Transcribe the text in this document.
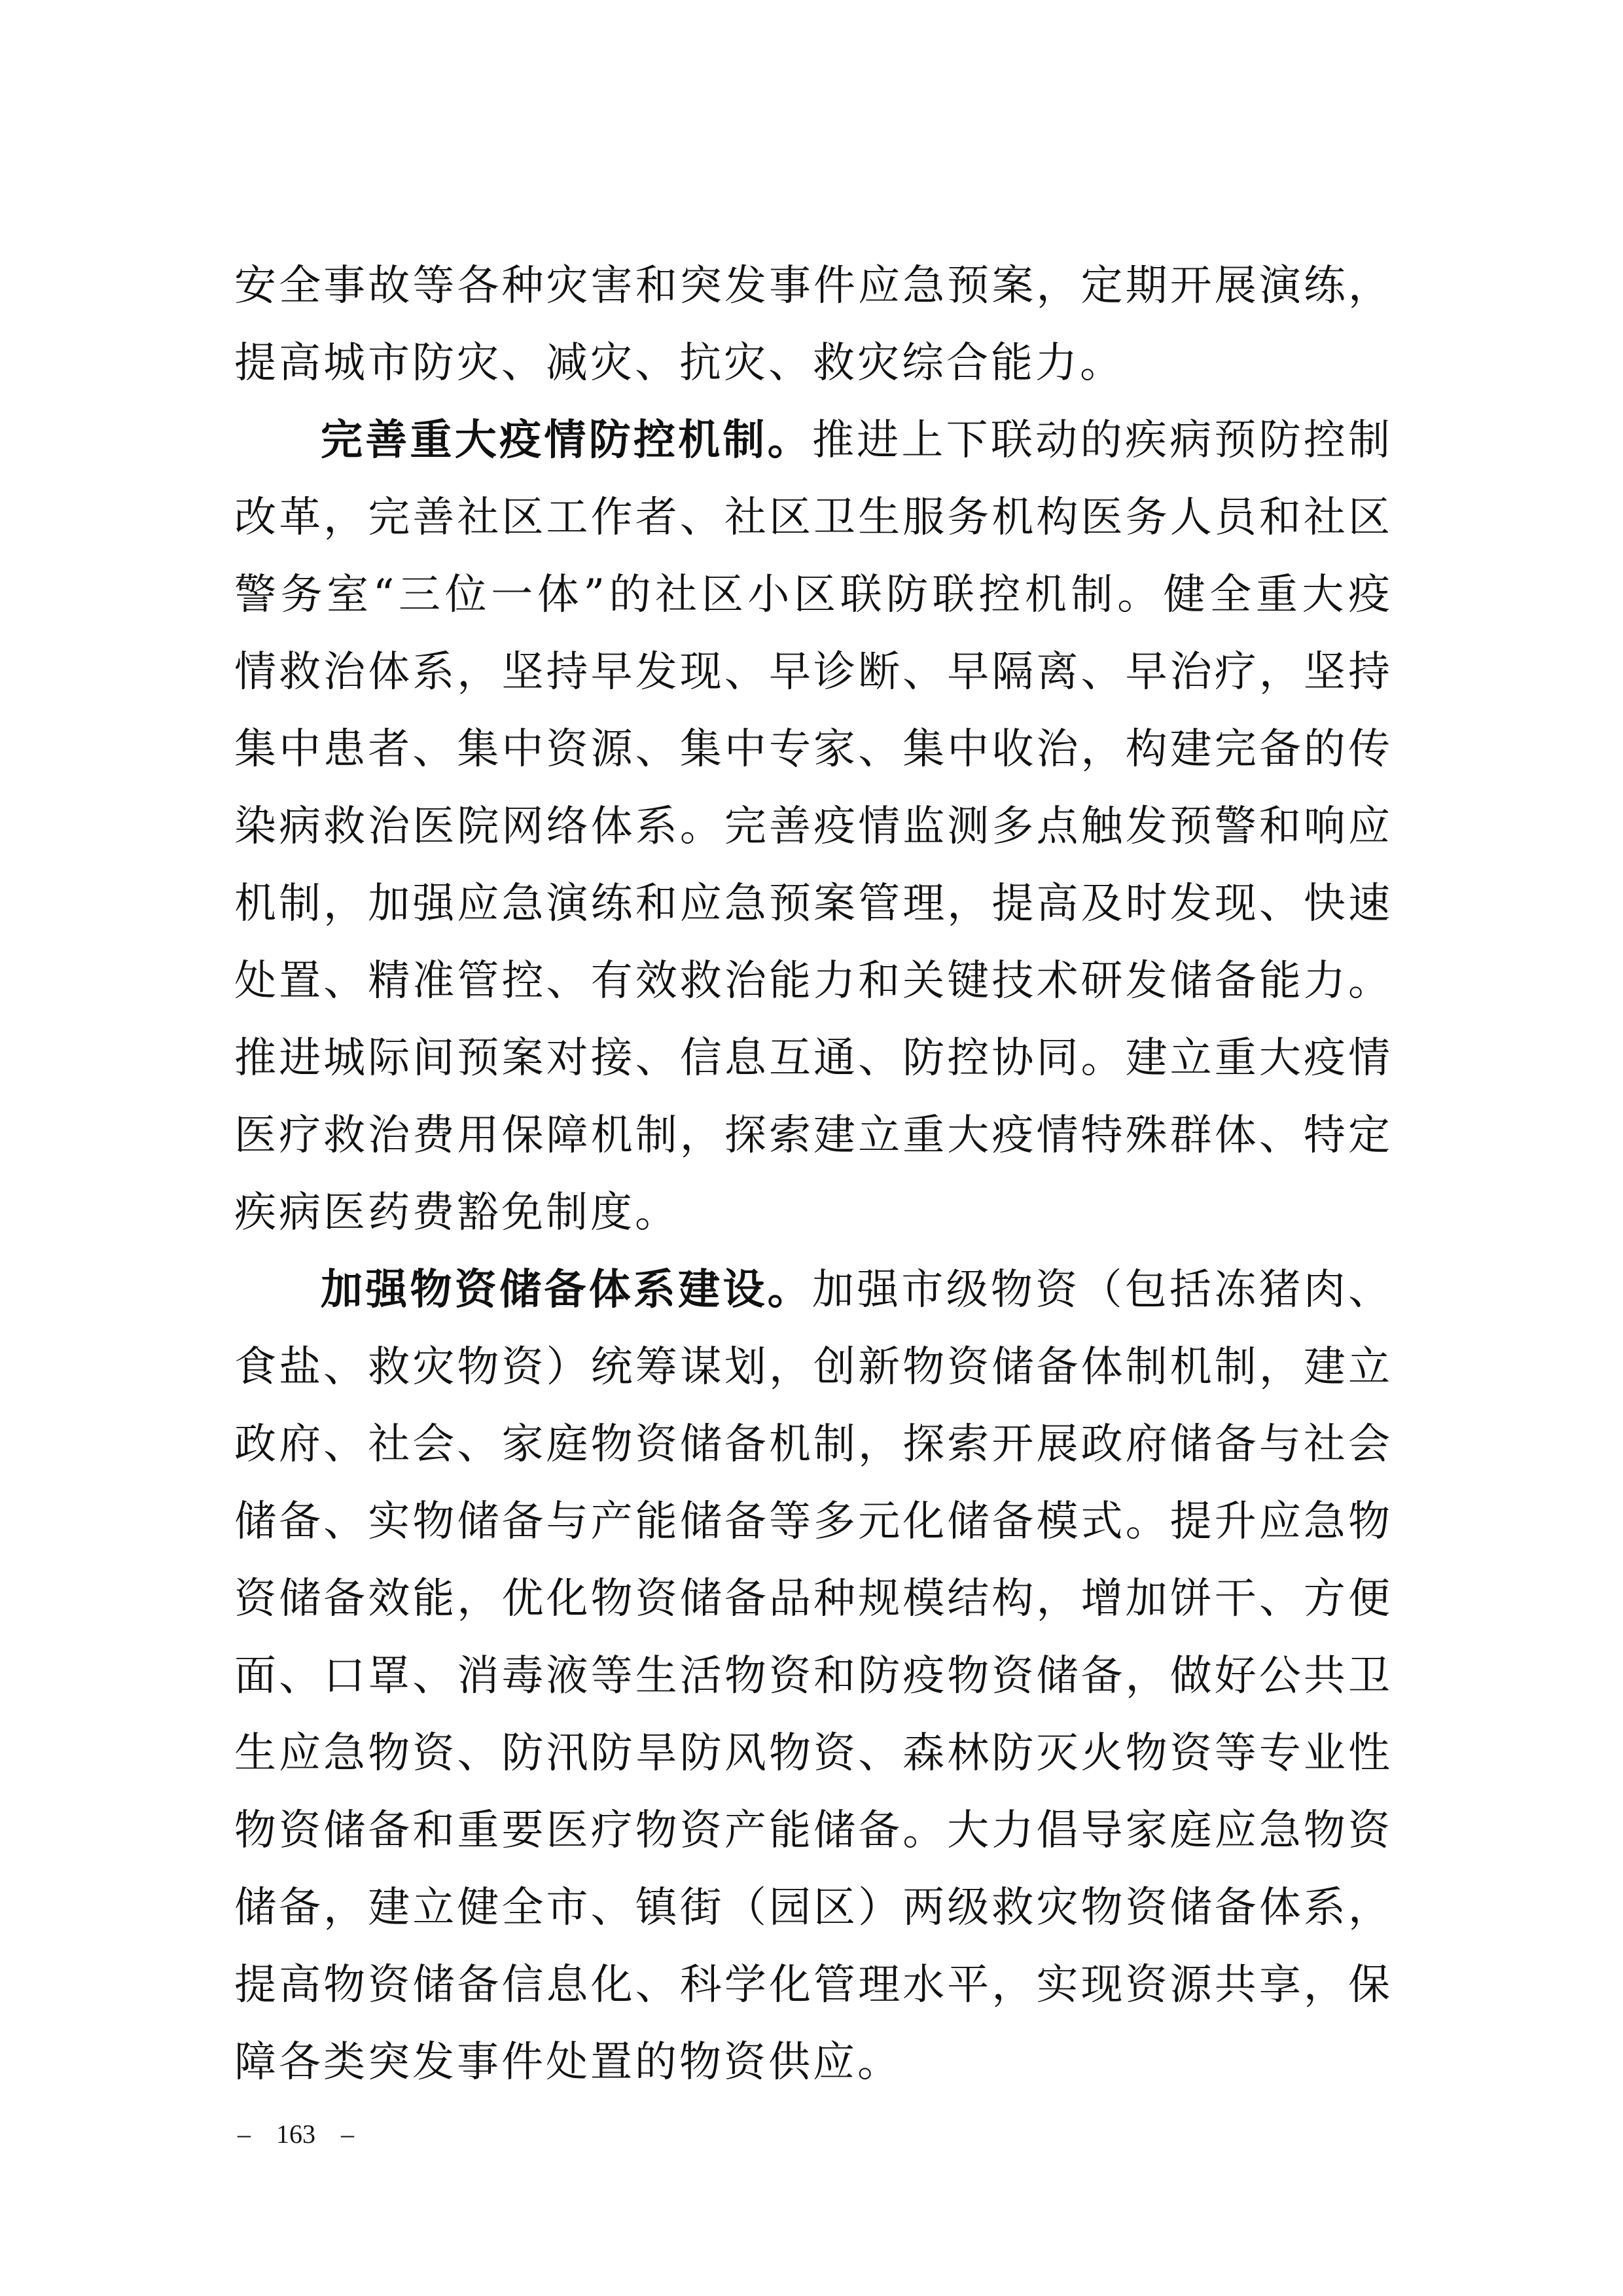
安全事故等各种灾害和突发事件应急预案，定期开展演练，提高城市防灾、减灾、抗灾、救灾综合能力。

完善重大疫情防控机制。推进上下联动的疾病预防控制改革，完善社区工作者、社区卫生服务机构医务人员和社区警务室“三位一体”的社区小区联防联控机制。健全重大疫情救治体系，坚持早发现、早诊断、早隔离、早治疗，坚持集中患者、集中资源、集中专家、集中收治，构建完备的传染病救治医院网络体系。完善疫情监测多点触发预警和响应机制，加强应急演练和应急预案管理，提高及时发现、快速处置、精准管控、有效救治能力和关键技术研发储备能力。推进城际间预案对接、信息互通、防控协同。建立重大疫情医疗救治费用保障机制，探索建立重大疫情特殊群体、特定疾病医药费豁免制度。

加强物资储备体系建设。加强市级物资（包括冻猪肉、食盐、救灾物资）统筹谋划，创新物资储备体制机制，建立政府、社会、家庭物资储备机制，探索开展政府储备与社会储备、实物储备与产能储备等多元化储备模式。提升应急物资储备效能，优化物资储备品种规模结构，增加饼干、方便面、口罩、消毒液等生活物资和防疫物资储备，做好公共卫生应急物资、防汛防旱防风物资、森林防灭火物资等专业性物资储备和重要医疗物资产能储备。大力倡导家庭应急物资储备，建立健全市、镇街（园区）两级救灾物资储备体系，提高物资储备信息化、科学化管理水平，实现资源共享，保障各类突发事件处置的物资供应。

– 163 –
